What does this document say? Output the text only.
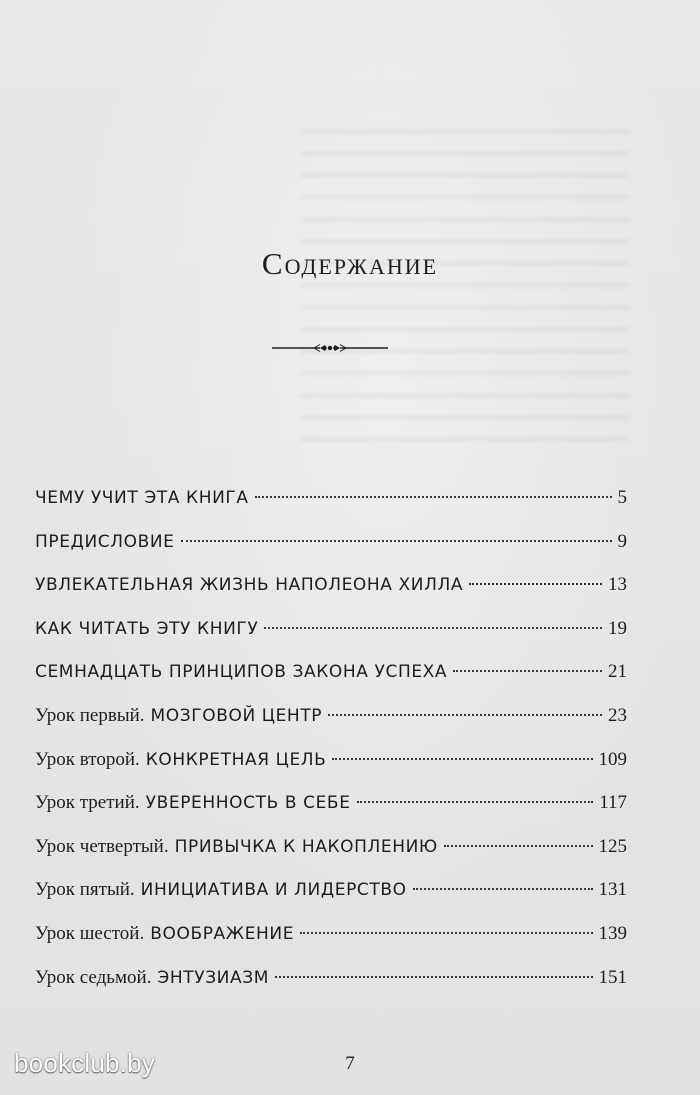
Содержание
ЧЕМУ УЧИТ ЭТА КНИГА	5
ПРЕДИСЛОВИЕ	9
УВЛЕКАТЕЛЬНАЯ ЖИЗНЬ НАПОЛЕОНА ХИЛЛА	13
КАК ЧИТАТЬ ЭТУ КНИГУ	19
СЕМНАДЦАТЬ ПРИНЦИПОВ ЗАКОНА УСПЕХА	21
Урок первый. МОЗГОВОЙ ЦЕНТР	23
Урок второй. КОНКРЕТНАЯ ЦЕЛЬ	109
Урок третий. УВЕРЕННОСТЬ В СЕБЕ	117
Урок четвертый. ПРИВЫЧКА К НАКОПЛЕНИЮ	125
Урок пятый. ИНИЦИАТИВА И ЛИДЕРСТВО	131
Урок шестой. ВООБРАЖЕНИЕ	139
Урок седьмой. ЭНТУЗИАЗМ	151
7
bookclub.by
